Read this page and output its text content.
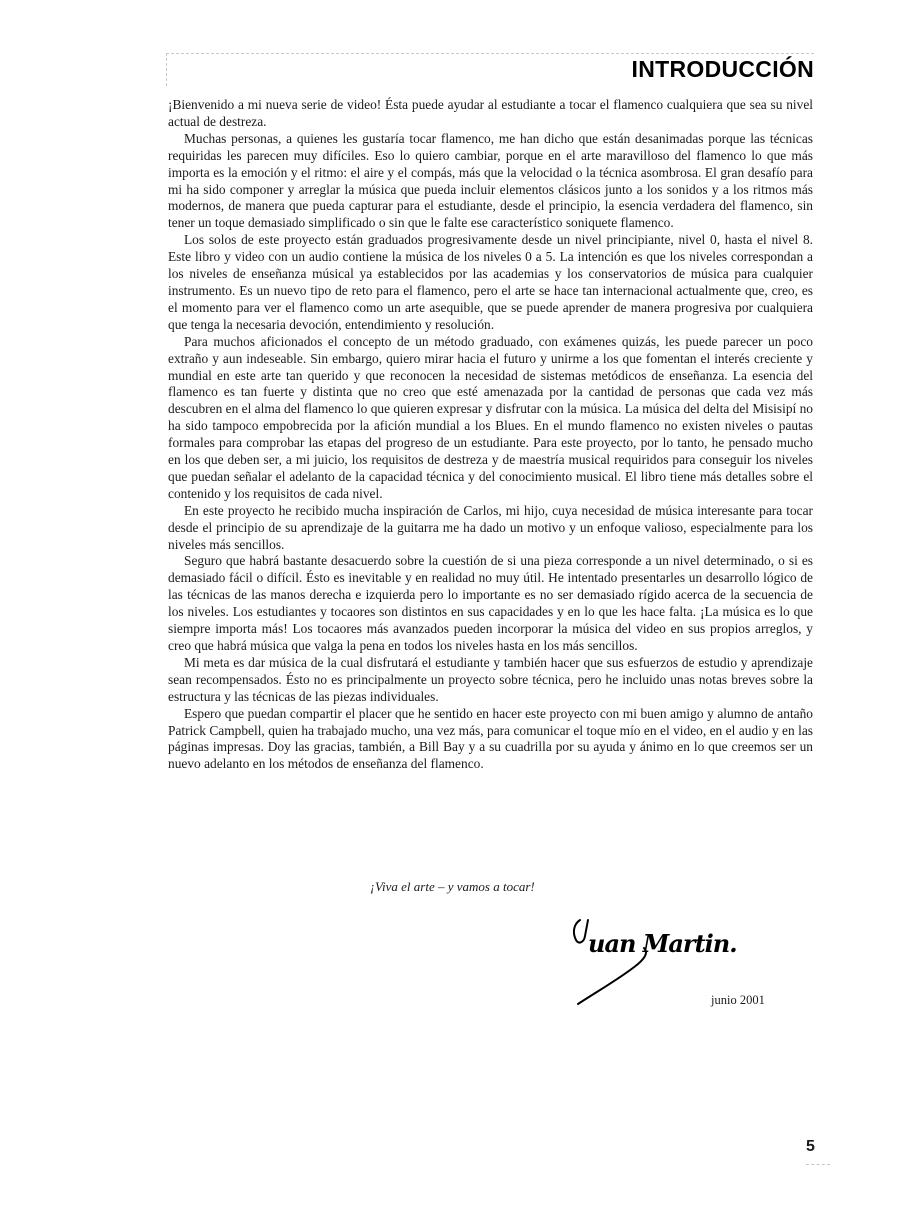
INTRODUCCIÓN

¡Bienvenido a mi nueva serie de video! Ésta puede ayudar al estudiante a tocar el flamenco cualquiera que sea su nivel actual de destreza.

Muchas personas, a quienes les gustaría tocar flamenco, me han dicho que están desanimadas porque las técnicas requiridas les parecen muy difíciles. Eso lo quiero cambiar, porque en el arte maravilloso del flamenco lo que más importa es la emoción y el ritmo: el aire y el compás, más que la velocidad o la técnica asombrosa. El gran desafío para mi ha sido componer y arreglar la música que pueda incluir elementos clásicos junto a los sonidos y a los ritmos más modernos, de manera que pueda capturar para el estudiante, desde el principio, la esencia verdadera del flamenco, sin tener un toque demasiado simplificado o sin que le falte ese característico soniquete flamenco.

Los solos de este proyecto están graduados progresivamente desde un nivel principiante, nivel 0, hasta el nivel 8. Este libro y video con un audio contiene la música de los niveles 0 a 5. La intención es que los niveles correspondan a los niveles de enseñanza músical ya establecidos por las academias y los conservatorios de música para cualquier instrumento. Es un nuevo tipo de reto para el flamenco, pero el arte se hace tan internacional actualmente que, creo, es el momento para ver el flamenco como un arte asequible, que se puede aprender de manera progresiva por cualquiera que tenga la necesaria devoción, entendimiento y resolución.

Para muchos aficionados el concepto de un método graduado, con exámenes quizás, les puede parecer un poco extraño y aun indeseable. Sin embargo, quiero mirar hacia el futuro y unirme a los que fomentan el interés creciente y mundial en este arte tan querido y que reconocen la necesidad de sistemas metódicos de enseñanza. La esencia del flamenco es tan fuerte y distinta que no creo que esté amenazada por la cantidad de personas que cada vez más descubren en el alma del flamenco lo que quieren expresar y disfrutar con la música. La música del delta del Misisipí no ha sido tampoco empobrecida por la afición mundial a los Blues. En el mundo flamenco no existen niveles o pautas formales para comprobar las etapas del progreso de un estudiante. Para este proyecto, por lo tanto, he pensado mucho en los que deben ser, a mi juicio, los requisitos de destreza y de maestría musical requiridos para conseguir los niveles que puedan señalar el adelanto de la capacidad técnica y del conocimiento musical. El libro tiene más detalles sobre el contenido y los requisitos de cada nivel.

En este proyecto he recibido mucha inspiración de Carlos, mi hijo, cuya necesidad de música interesante para tocar desde el principio de su aprendizaje de la guitarra me ha dado un motivo y un enfoque valioso, especialmente para los niveles más sencillos.

Seguro que habrá bastante desacuerdo sobre la cuestión de si una pieza corresponde a un nivel determinado, o si es demasiado fácil o difícil. Ésto es inevitable y en realidad no muy útil. He intentado presentarles un desarrollo lógico de las técnicas de las manos derecha e izquierda pero lo importante es no ser demasiado rígido acerca de la secuencia de los niveles. Los estudiantes y tocaores son distintos en sus capacidades y en lo que les hace falta. ¡La música es lo que siempre importa más! Los tocaores más avanzados pueden incorporar la música del video en sus propios arreglos, y creo que habrá música que valga la pena en todos los niveles hasta en los más sencillos.

Mi meta es dar música de la cual disfrutará el estudiante y también hacer que sus esfuerzos de estudio y aprendizaje sean recompensados. Ésto no es principalmente un proyecto sobre técnica, pero he incluido unas notas breves sobre la estructura y las técnicas de las piezas individuales.

Espero que puedan compartir el placer que he sentido en hacer este proyecto con mi buen amigo y alumno de antaño Patrick Campbell, quien ha trabajado mucho, una vez más, para comunicar el toque mío en el video, en el audio y en las páginas impresas. Doy las gracias, también, a Bill Bay y a su cuadrilla por su ayuda y ánimo en lo que creemos ser un nuevo adelanto en los métodos de enseñanza del flamenco.

¡Viva el arte – y vamos a tocar!
uan Martin.
junio 2001
5
